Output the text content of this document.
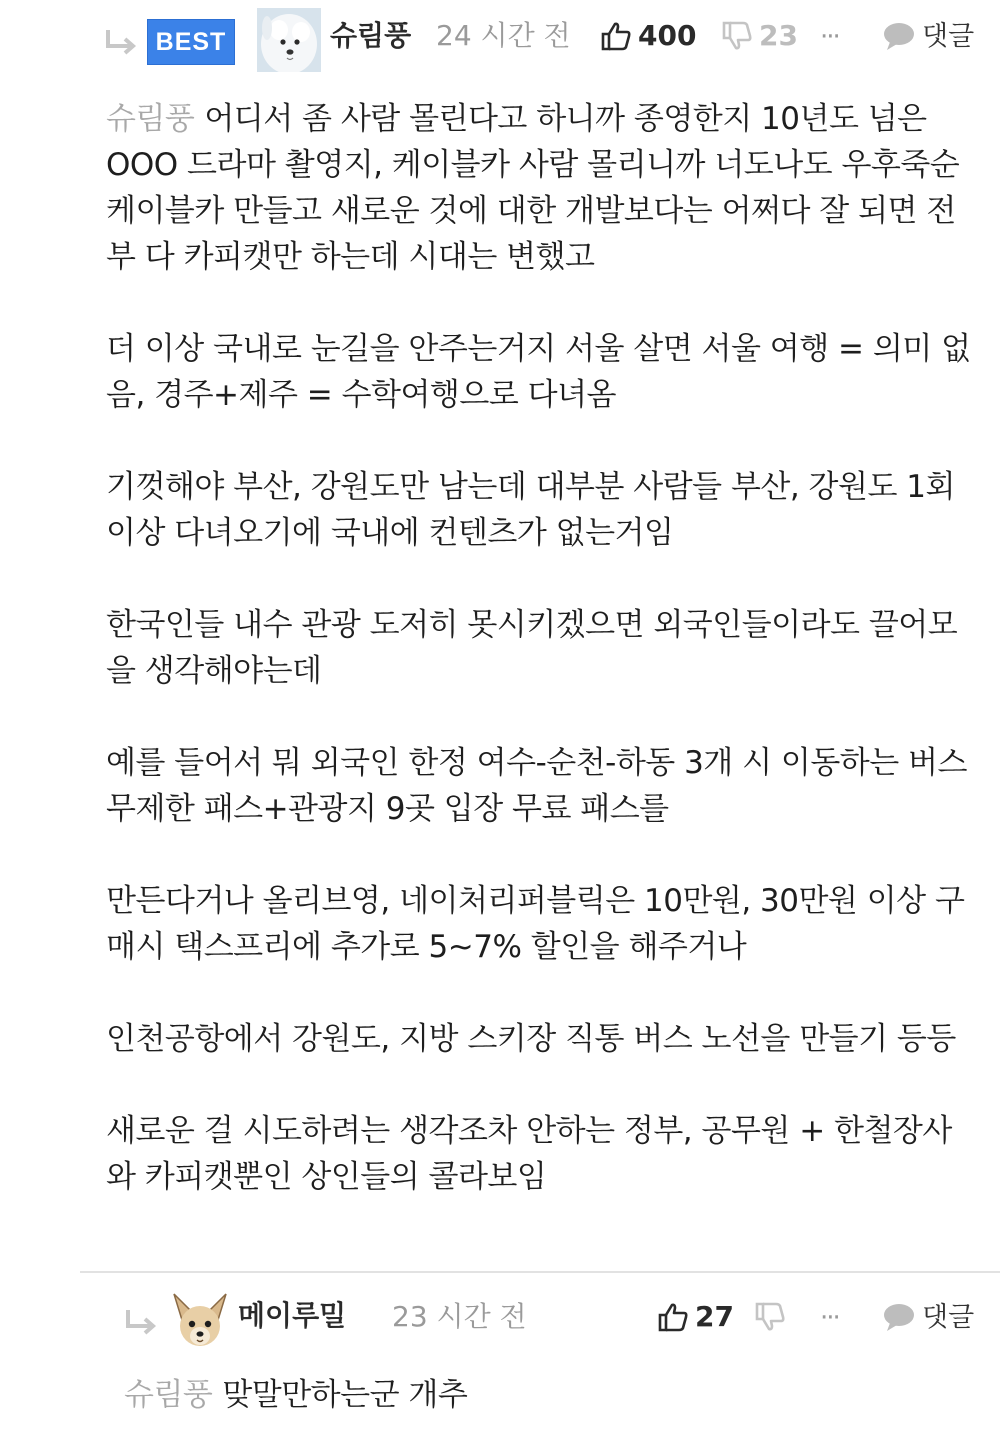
BEST	슈림풍 24 시간 전 400 23 ···	댓글

슈림풍 어디서 좀 사람 몰린다고 하니까 종영한지 10년도 넘은 OOO 드라마 촬영지, 케이블카 사람 몰리니까 너도나도 우후죽순 케이블카 만들고 새로운 것에 대한 개발보다는 어쩌다 잘 되면 전부 다 카피캣만 하는데 시대는 변했고

더 이상 국내로 눈길을 안주는거지 서울 살면 서울 여행 = 의미 없음, 경주+제주 = 수학여행으로 다녀옴

기껏해야 부산, 강원도만 남는데 대부분 사람들 부산, 강원도 1회 이상 다녀오기에 국내에 컨텐츠가 없는거임

한국인들 내수 관광 도저히 못시키겠으면 외국인들이라도 끌어모을 생각해야는데

예를 들어서 뭐 외국인 한정 여수-순천-하동 3개 시 이동하는 버스 무제한 패스+관광지 9곳 입장 무료 패스를

만든다거나 올리브영, 네이처리퍼블릭은 10만원, 30만원 이상 구매시 택스프리에 추가로 5~7% 할인을 해주거나

인천공항에서 강원도, 지방 스키장 직통 버스 노선을 만들기 등등

새로운 걸 시도하려는 생각조차 안하는 정부, 공무원 + 한철장사와 카피캣뿐인 상인들의 콜라보임

메이루밀 23 시간 전	27	···	댓글
슈림풍 맞말만하는군 개추
